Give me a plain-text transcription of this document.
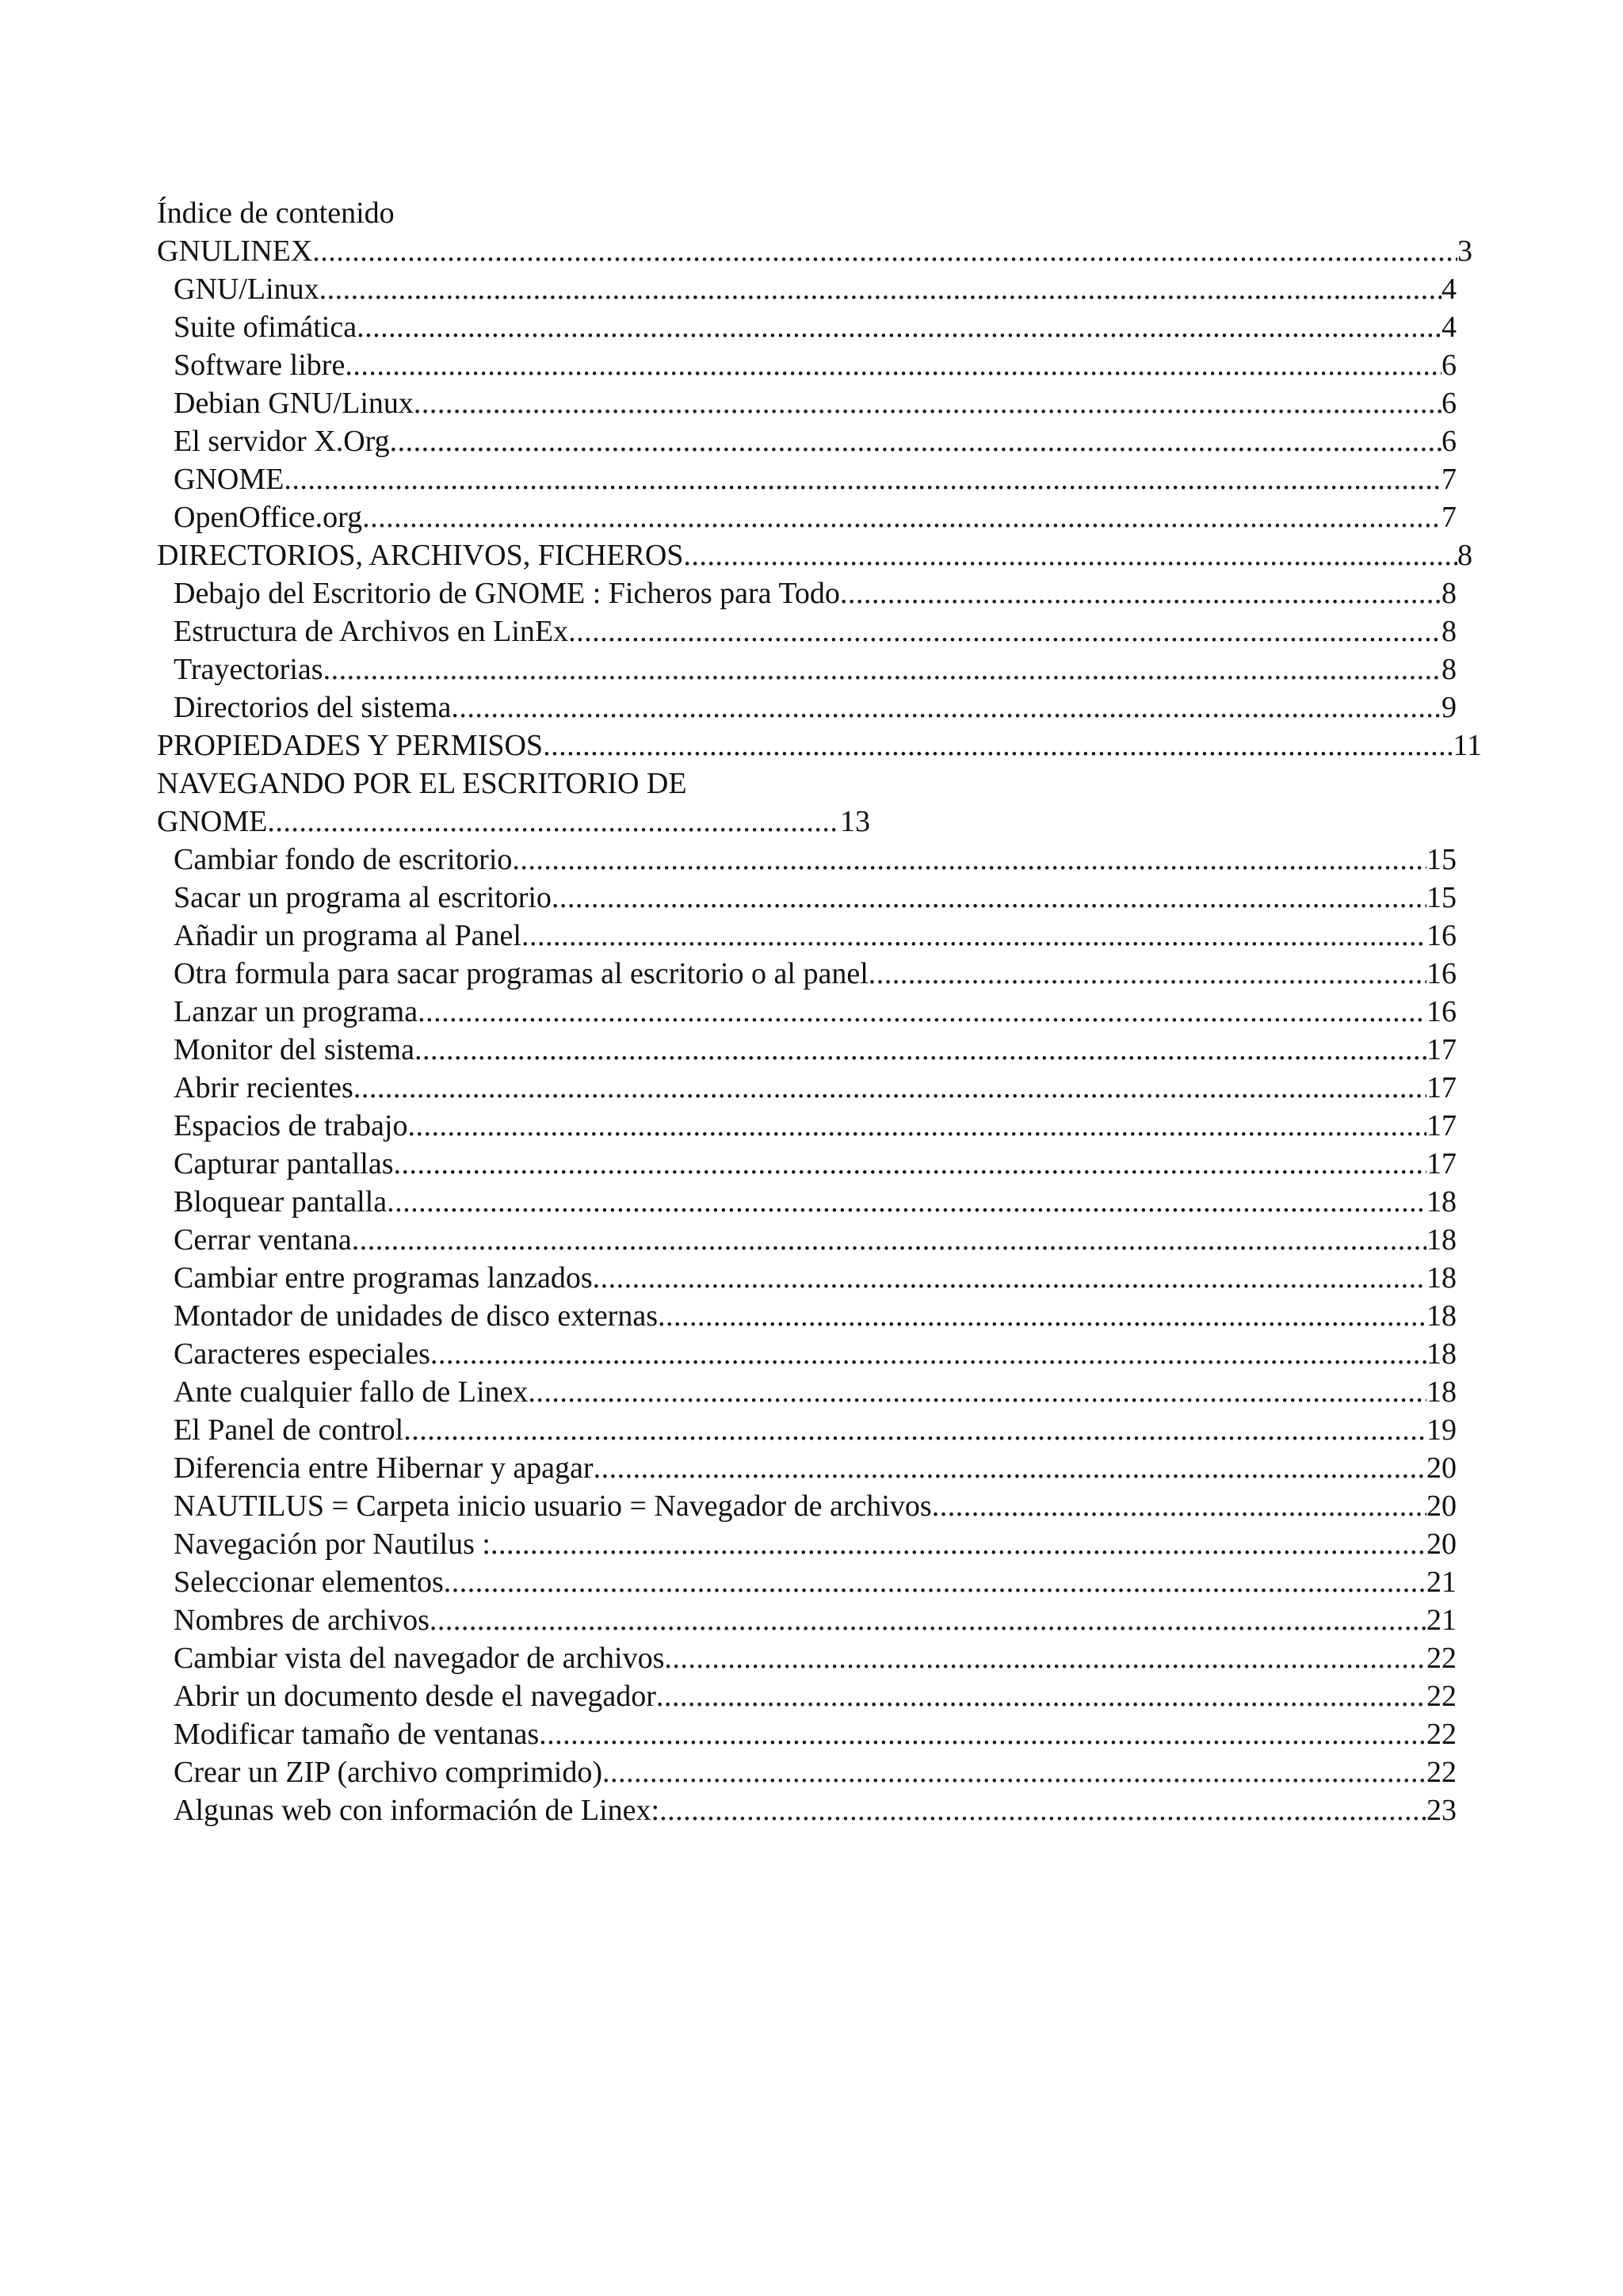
Índice de contenido
GNULINEX .....	3
GNU/Linux .....	4
Suite ofimática .....	4
Software libre .....	6
Debian GNU/Linux .....	6
El servidor X.Org .....	6
GNOME .....	7
OpenOffice.org .....	7
DIRECTORIOS, ARCHIVOS, FICHEROS .....	8
Debajo del Escritorio de GNOME : Ficheros para Todo .....	8
Estructura de Archivos en LinEx .....	8
Trayectorias .....	8
Directorios del sistema .....	9
PROPIEDADES Y PERMISOS .....	11
NAVEGANDO POR EL ESCRITORIO DE
GNOME .....	13
Cambiar fondo de escritorio .....	15
Sacar un programa al escritorio .....	15
Añadir un programa al Panel .....	16
Otra formula para sacar programas al escritorio o al panel .....	16
Lanzar un programa .....	16
Monitor del sistema .....	17
Abrir recientes .....	17
Espacios de trabajo .....	17
Capturar pantallas .....	17
Bloquear pantalla .....	18
Cerrar ventana .....	18
Cambiar entre programas lanzados .....	18
Montador de unidades de disco externas .....	18
Caracteres especiales .....	18
Ante cualquier fallo de Linex .....	18
El Panel de control .....	19
Diferencia entre Hibernar y apagar .....	20
NAUTILUS = Carpeta inicio usuario = Navegador de archivos .....	20
Navegación por Nautilus : .....	20
Seleccionar elementos .....	21
Nombres de archivos .....	21
Cambiar vista del navegador de archivos .....	22
Abrir un documento desde el navegador .....	22
Modificar tamaño de ventanas .....	22
Crear un ZIP (archivo comprimido) .....	22
Algunas web con información de Linex: .....	23
